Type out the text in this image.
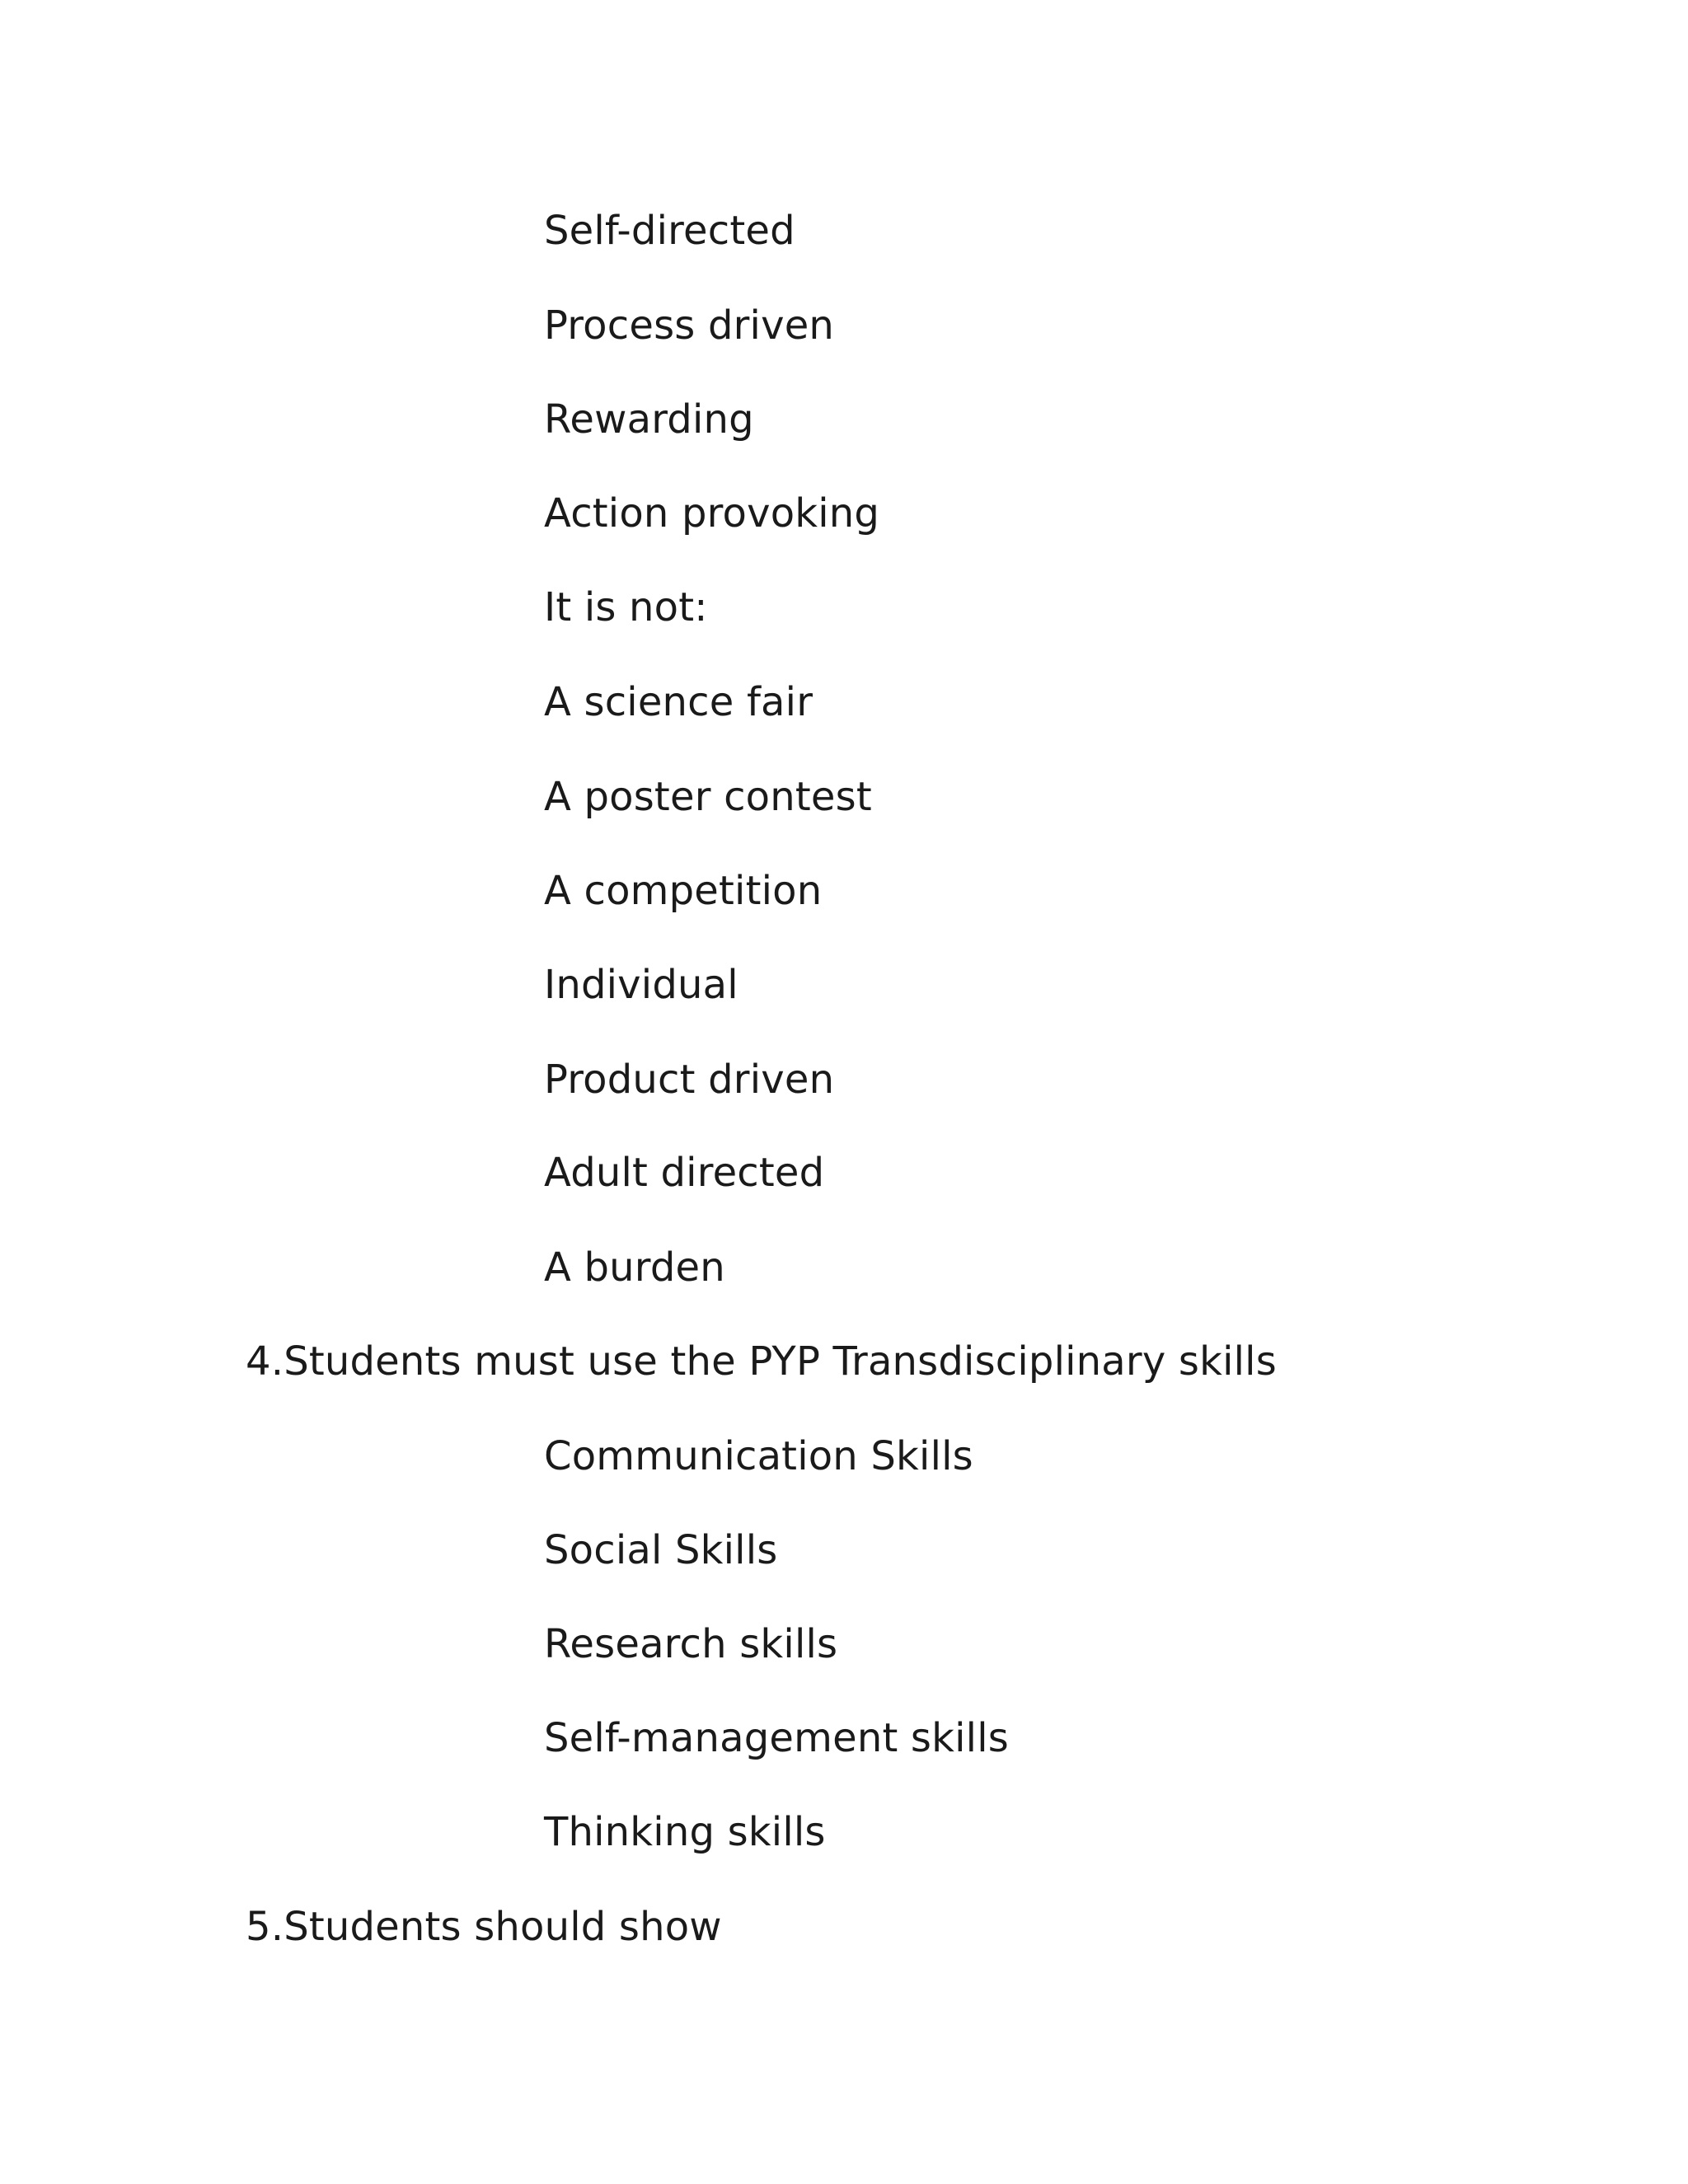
Self-directed
Process driven
Rewarding
Action provoking
It is not:
A science fair
A poster contest
A competition
Individual
Product driven
Adult directed
A burden
4.Students must use the PYP Transdisciplinary skills
Communication Skills
Social Skills
Research skills
Self-management skills
Thinking skills
5.Students should show
